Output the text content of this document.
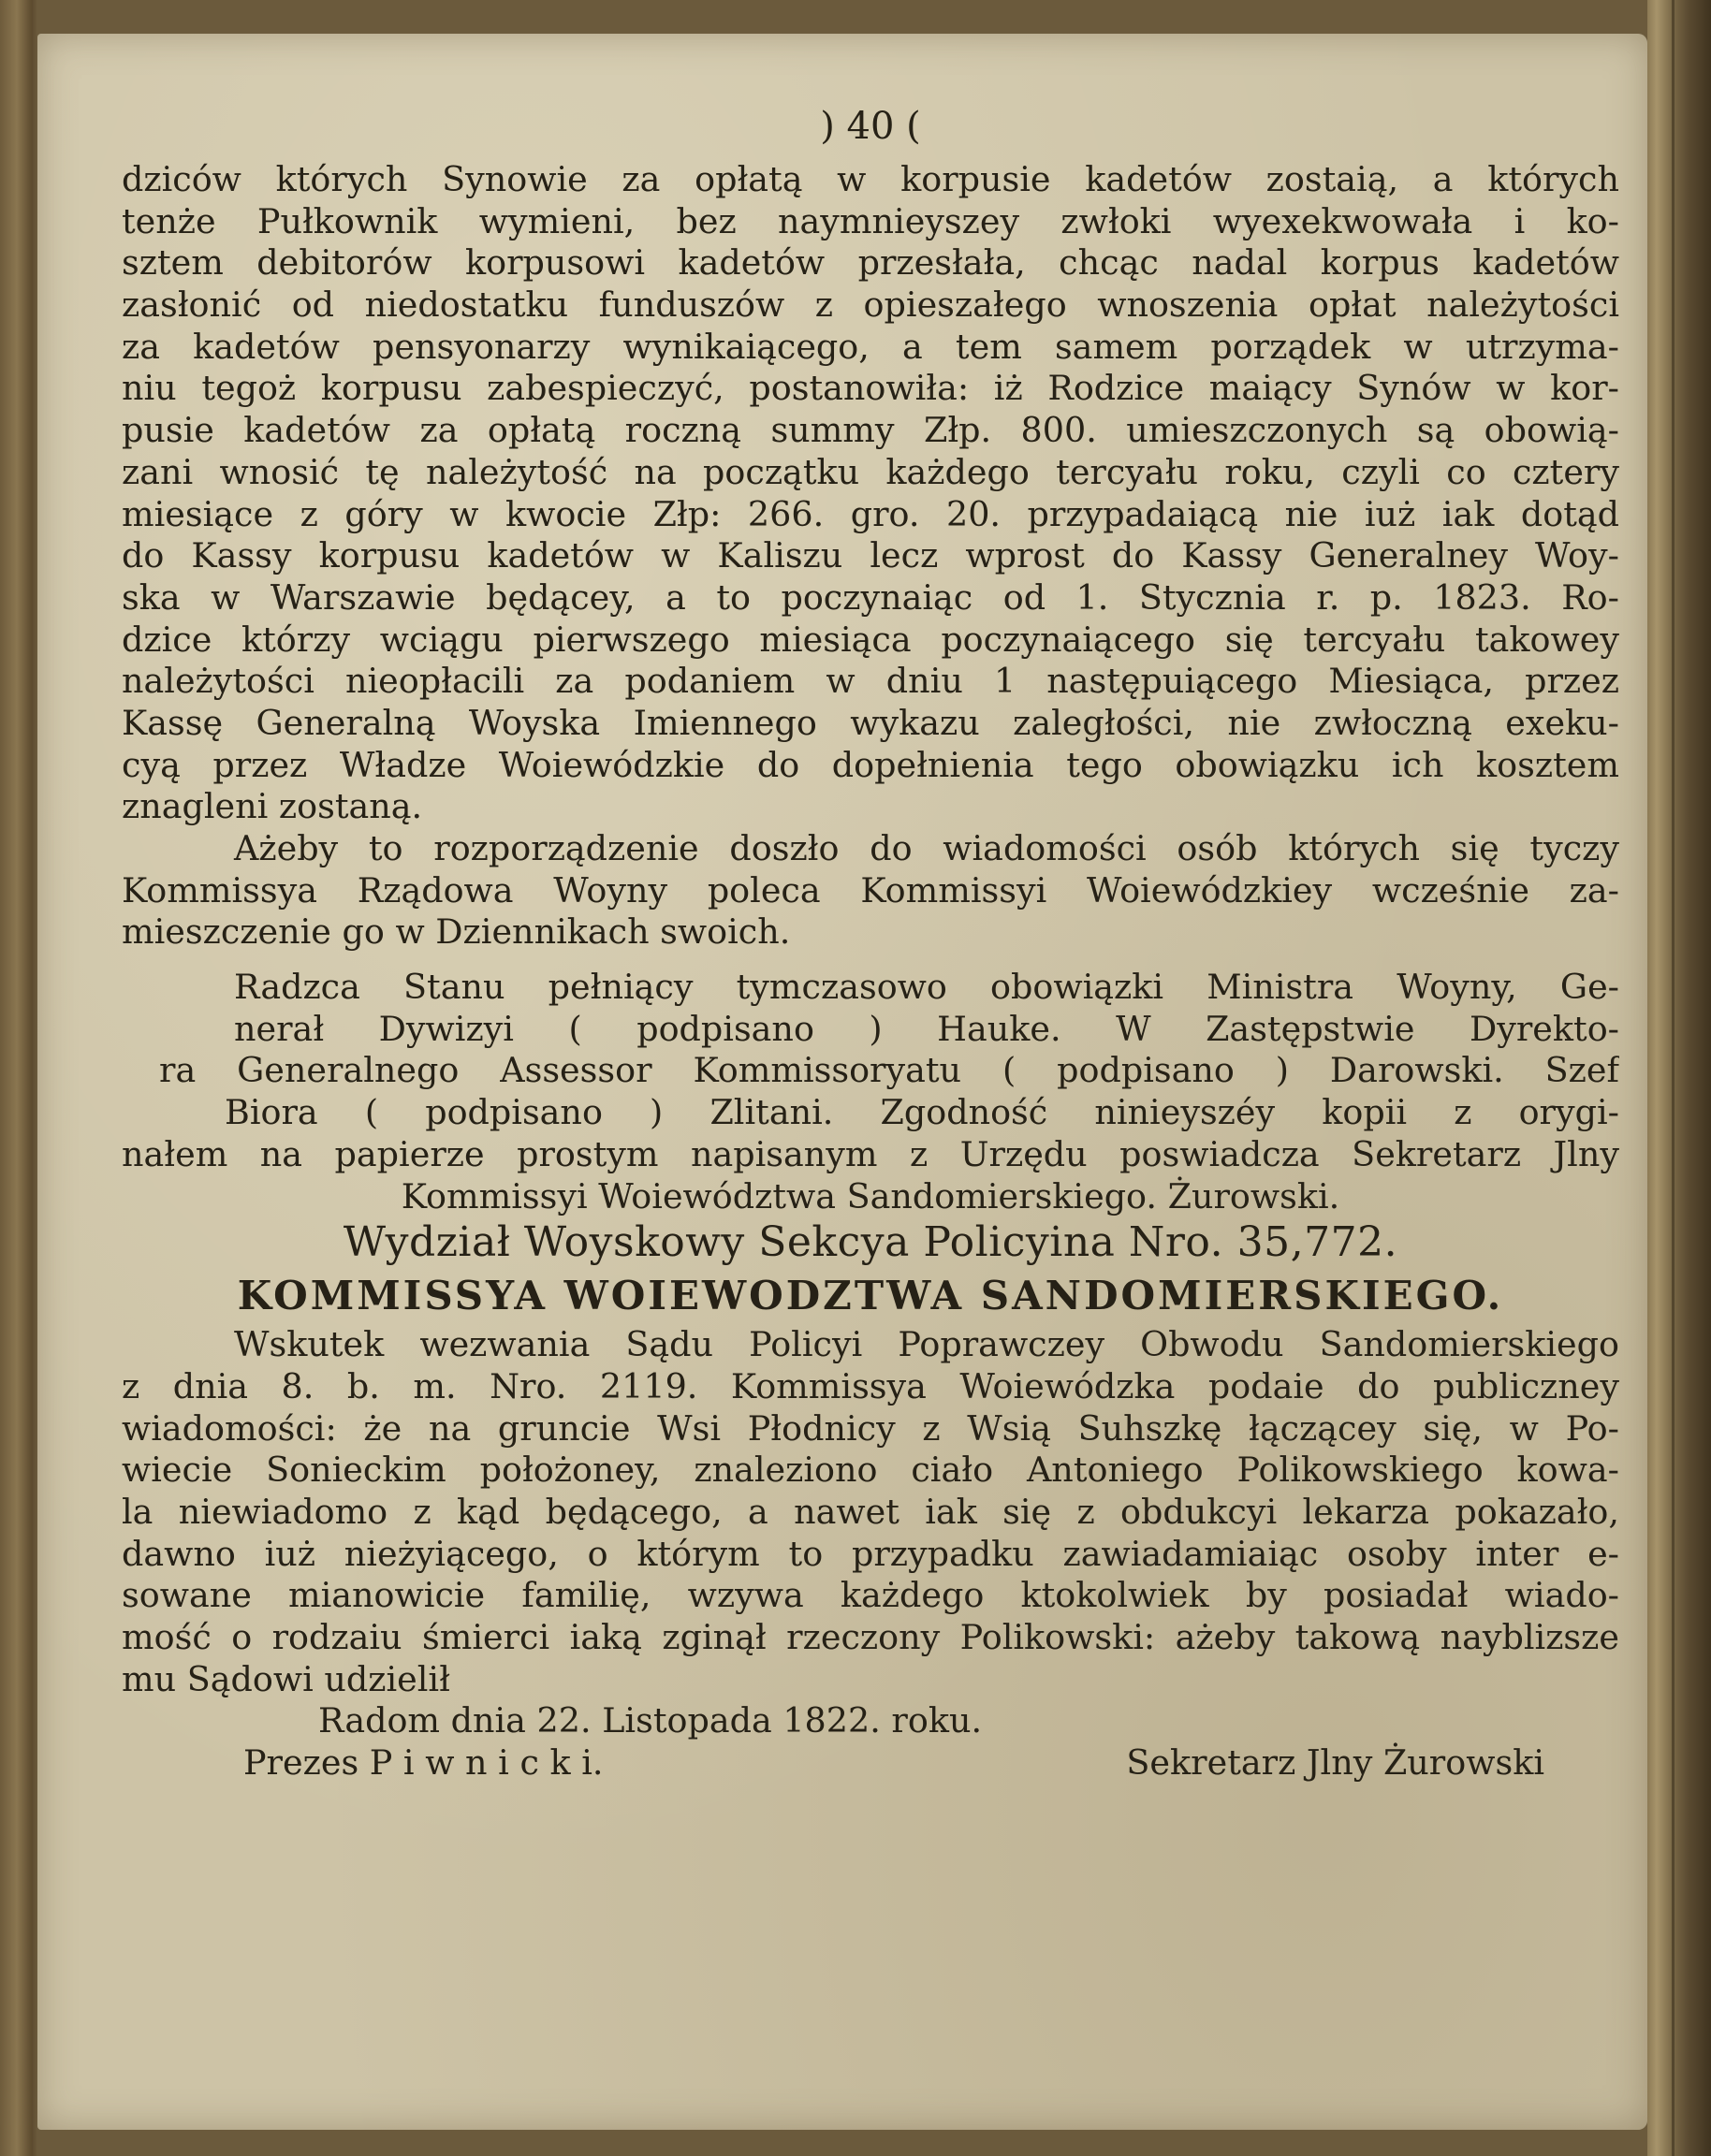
) 40 (
dziców których Synowie za opłatą w korpusie kadetów zostaią, a których
tenże Pułkownik wymieni, bez naymnieyszey zwłoki wyexekwowała i ko-
sztem debitorów korpusowi kadetów przesłała, chcąc nadal korpus kadetów
zasłonić od niedostatku funduszów z opieszałego wnoszenia opłat należytości
za kadetów pensyonarzy wynikaiącego, a tem samem porządek w utrzyma-
niu tegoż korpusu zabespieczyć, postanowiła: iż Rodzice maiący Synów w kor-
pusie kadetów za opłatą roczną summy Złp. 800. umieszczonych są obowią-
zani wnosić tę należytość na początku każdego tercyału roku, czyli co cztery
miesiące z góry w kwocie Złp: 266. gro. 20. przypadaiącą nie iuż iak dotąd
do Kassy korpusu kadetów w Kaliszu lecz wprost do Kassy Generalney Woy-
ska w Warszawie będącey, a to poczynaiąc od 1. Stycznia r. p. 1823. Ro-
dzice którzy wciągu pierwszego miesiąca poczynaiącego się tercyału takowey
należytości nieopłacili za podaniem w dniu 1 następuiącego Miesiąca, przez
Kassę Generalną Woyska Imiennego wykazu zaległości, nie zwłoczną exeku-
cyą przez Władze Woiewódzkie do dopełnienia tego obowiązku ich kosztem
znagleni zostaną.
Ażeby to rozporządzenie doszło do wiadomości osób których się tyczy
Kommissya Rządowa Woyny poleca Kommissyi Woiewódzkiey wcześnie za-
mieszczenie go w Dziennikach swoich.
Radzca Stanu pełniący tymczasowo obowiązki Ministra Woyny, Ge-
nerał Dywizyi ( podpisano ) Hauke. W Zastępstwie Dyrekto-
ra Generalnego Assessor Kommissoryatu ( podpisano ) Darowski. Szef
Biora ( podpisano ) Zlitani. Zgodność ninieyszéy kopii z orygi-
nałem na papierze prostym napisanym z Urzędu poswiadcza Sekretarz Jlny
Kommissyi Woiewództwa Sandomierskiego. Żurowski.
Wydział Woyskowy Sekcya Policyina Nro. 35,772.
KOMMISSYA WOIEWODZTWA SANDOMIERSKIEGO.
Wskutek wezwania Sądu Policyi Poprawczey Obwodu Sandomierskiego
z dnia 8. b. m. Nro. 2119. Kommissya Woiewódzka podaie do publiczney
wiadomości: że na gruncie Wsi Płodnicy z Wsią Suhszkę łączącey się, w Po-
wiecie Sonieckim położoney, znaleziono ciało Antoniego Polikowskiego kowa-
la niewiadomo z kąd będącego, a nawet iak się z obdukcyi lekarza pokazało,
dawno iuż nieżyiącego, o którym to przypadku zawiadamiaiąc osoby inter e-
sowane mianowicie familię, wzywa każdego ktokolwiek by posiadał wiado-
mość o rodzaiu śmierci iaką zginął rzeczony Polikowski: ażeby takową nayblizsze
mu Sądowi udzielił
Radom dnia 22. Listopada 1822. roku.
Prezes P i w n i c k i.	Sekretarz Jlny Żurowski
